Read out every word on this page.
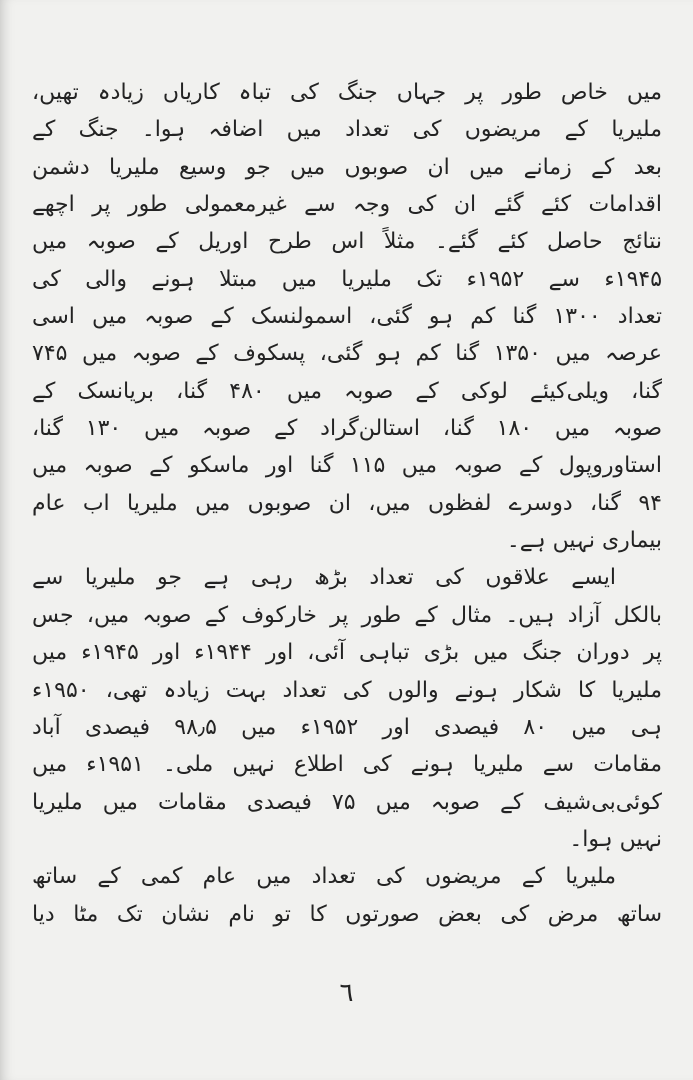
میں خاص طور پر جہاں جنگ کی تباہ کاریاں زیادہ تھیں،
ملیریا کے مریضوں کی تعداد میں اضافہ ہوا۔ جنگ کے
بعد کے زمانے میں ان صوبوں میں جو وسیع ملیریا دشمن
اقدامات کئے گئے ان کی وجہ سے غیرمعمولی طور پر اچھے
نتائج حاصل کئے گئے۔ مثلاً اس طرح اوریل کے صوبہ میں
۱۹۴۵ء سے ۱۹۵۲ء تک ملیریا میں مبتلا ہونے والی کی
تعداد ۱۳۰۰ گنا کم ہو گئی، اسمولنسک کے صوبہ میں اسی
عرصہ میں ۱۳۵۰ گنا کم ہو گئی، پسکوف کے صوبہ میں ۷۴۵
گنا، ویلی‌کیئے لوکی کے صوبہ میں ۴۸۰ گنا، بریانسک کے
صوبہ میں ۱۸۰ گنا، استالن‌گراد کے صوبہ میں ۱۳۰ گنا،
استاوروپول کے صوبہ میں ۱۱۵ گنا اور ماسکو کے صوبہ میں
۹۴ گنا، دوسرے لفظوں میں، ان صوبوں میں ملیریا اب عام
بیماری نہیں ہے۔
ایسے علاقوں کی تعداد بڑھ رہی ہے جو ملیریا سے
بالکل آزاد ہیں۔ مثال کے طور پر خارکوف کے صوبہ میں، جس
پر دوران جنگ میں بڑی تباہی آئی، اور ۱۹۴۴ء اور ۱۹۴۵ء میں
ملیریا کا شکار ہونے والوں کی تعداد بہت زیادہ تھی، ۱۹۵۰ء
ہی میں ۸۰ فیصدی اور ۱۹۵۲ء میں ۹۸٫۵ فیصدی آباد
مقامات سے ملیریا ہونے کی اطلاع نہیں ملی۔ ۱۹۵۱ء میں
کوئی‌بی‌شیف کے صوبہ میں ۷۵ فیصدی مقامات میں ملیریا
نہیں ہوا۔
ملیریا کے مریضوں کی تعداد میں عام کمی کے ساتھ
ساتھ مرض کی بعض صورتوں کا تو نام نشان تک مٹا دیا
٦
